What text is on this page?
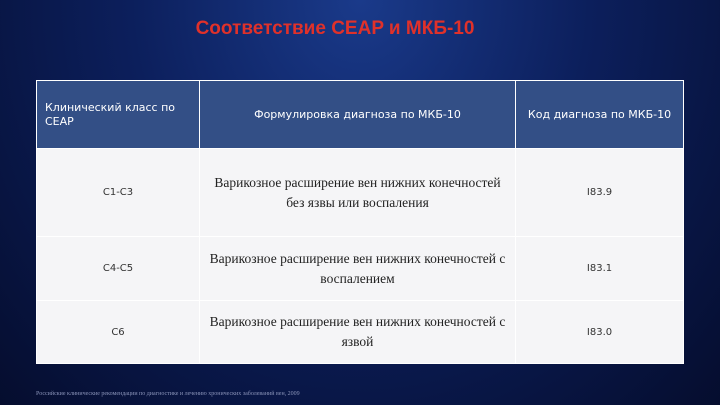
Соответствие CEAP и МКБ-10
Клинический класс по CEAP	Формулировка диагноза по МКБ-10	Код диагноза по МКБ-10
C1-C3	Варикозное расширение вен нижних конечностей без язвы или воспаления	I83.9
C4-C5	Варикозное расширение вен нижних конечностей с воспалением	I83.1
C6	Варикозное расширение вен нижних конечностей с язвой	I83.0
Российские клинические рекомендации по диагностике и лечению хронических заболеваний вен, 2009
